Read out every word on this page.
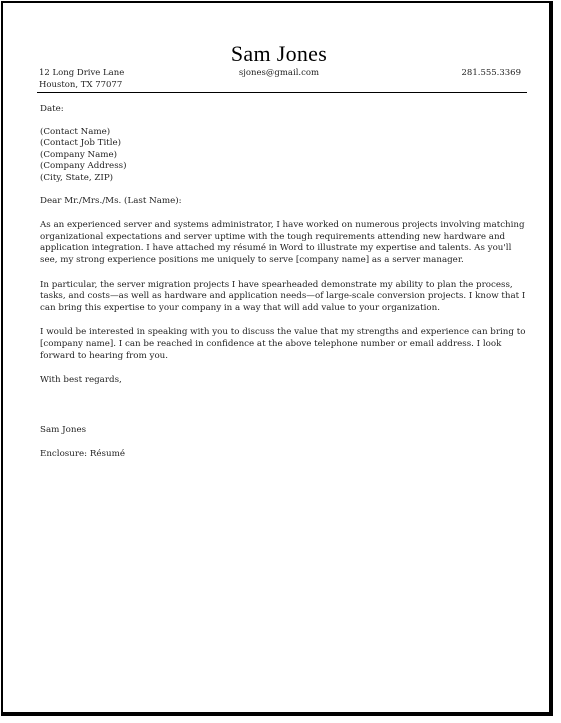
Sam Jones
12 Long Drive Lane
Houston, TX 77077
sjones@gmail.com	281.555.3369

Date:

(Contact Name)

(Contact Job Title)

(Company Name)

(Company Address)

(City, State, ZIP)

Dear Mr./Mrs./Ms. (Last Name):

As an experienced server and systems administrator, I have worked on numerous projects involving matching organizational expectations and server uptime with the tough requirements attending new hardware and application integration. I have attached my résumé in Word to illustrate my expertise and talents. As you'll see, my strong experience positions me uniquely to serve [company name] as a server manager.

In particular, the server migration projects I have spearheaded demonstrate my ability to plan the process, tasks, and costs—as well as hardware and application needs—of large-scale conversion projects. I know that I can bring this expertise to your company in a way that will add value to your organization.

I would be interested in speaking with you to discuss the value that my strengths and experience can bring to [company name]. I can be reached in confidence at the above telephone number or email address. I look forward to hearing from you.

With best regards,

Sam Jones

Enclosure: Résumé
